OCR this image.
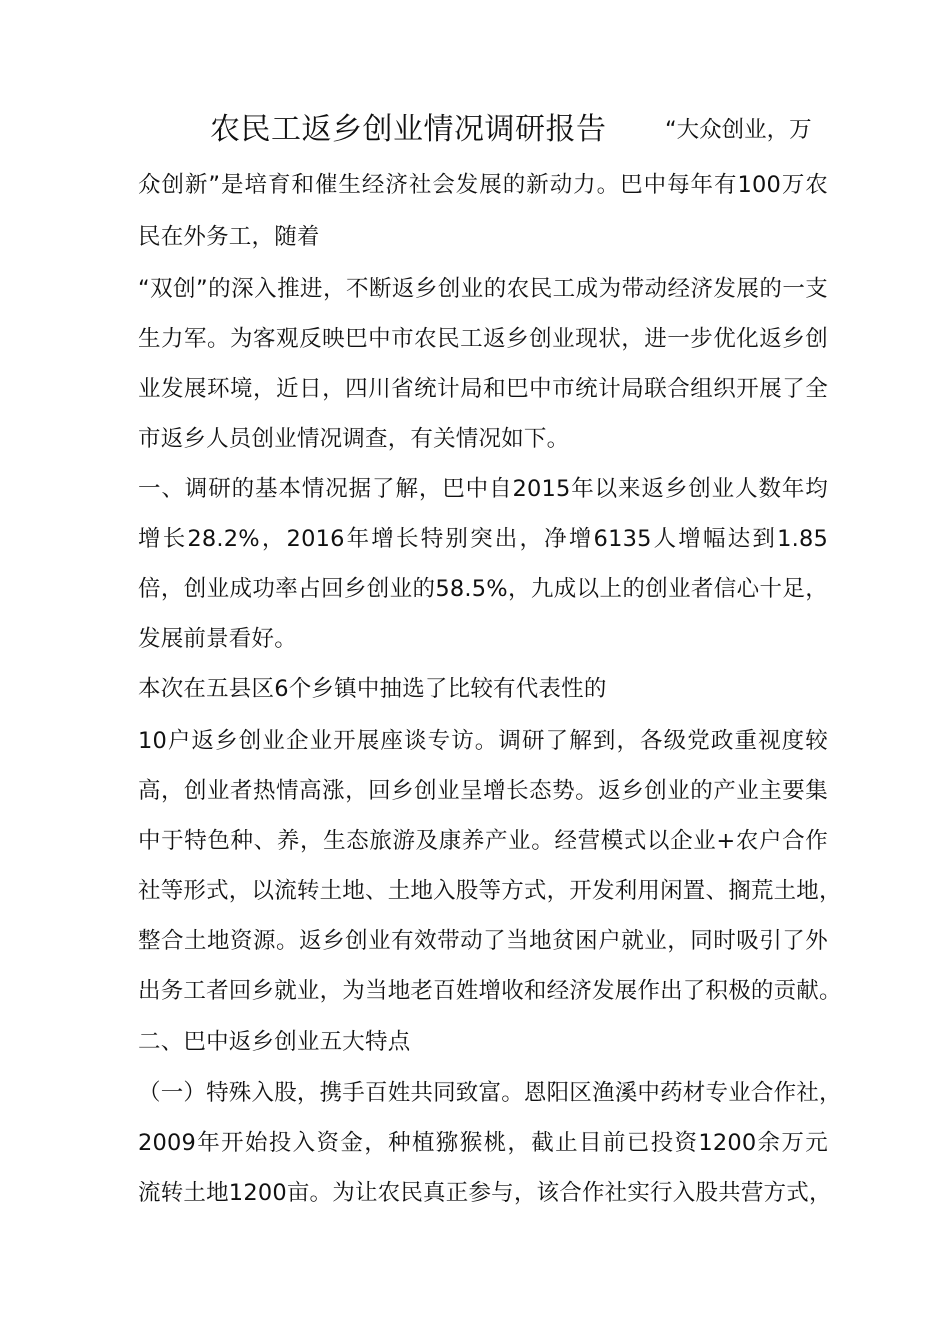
农民工返乡创业情况调研报告	“大众创业，万
众创新”是培育和催生经济社会发展的新动力。巴中每年有100万农
民在外务工，随着
“双创”的深入推进，不断返乡创业的农民工成为带动经济发展的一支
生力军。为客观反映巴中市农民工返乡创业现状，进一步优化返乡创
业发展环境，近日，四川省统计局和巴中市统计局联合组织开展了全
市返乡人员创业情况调查，有关情况如下。
一、调研的基本情况据了解，巴中自2015年以来返乡创业人数年均
增长28.2%，2016年增长特别突出，净增6135人增幅达到1.85
倍，创业成功率占回乡创业的58.5%，九成以上的创业者信心十足，
发展前景看好。
本次在五县区6个乡镇中抽选了比较有代表性的
10户返乡创业企业开展座谈专访。调研了解到，各级党政重视度较
高，创业者热情高涨，回乡创业呈增长态势。返乡创业的产业主要集
中于特色种、养，生态旅游及康养产业。经营模式以企业+农户合作
社等形式，以流转土地、土地入股等方式，开发利用闲置、搁荒土地，
整合土地资源。返乡创业有效带动了当地贫困户就业，同时吸引了外
出务工者回乡就业，为当地老百姓增收和经济发展作出了积极的贡献。
二、巴中返乡创业五大特点
（一）特殊入股，携手百姓共同致富。恩阳区渔溪中药材专业合作社，
2009年开始投入资金，种植猕猴桃，截止目前已投资1200余万元
流转土地1200亩。为让农民真正参与，该合作社实行入股共营方式，
